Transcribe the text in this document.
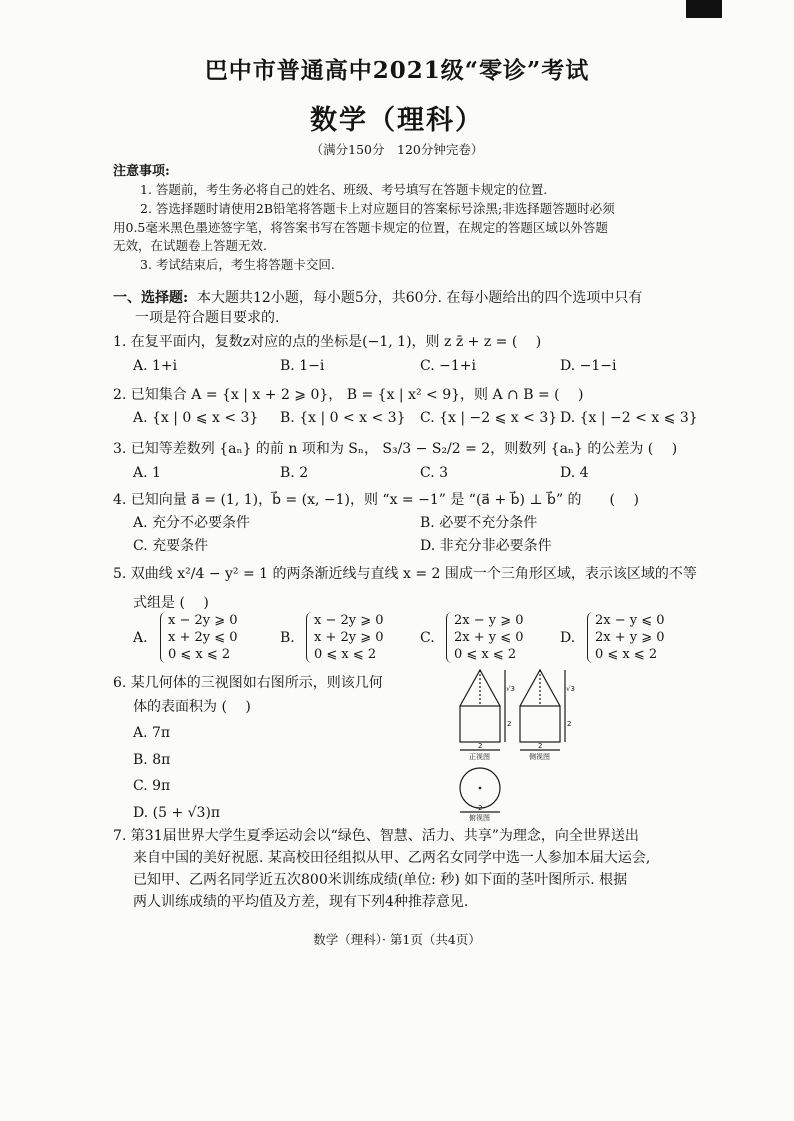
巴中市普通高中2021级“零诊”考试
数学（理科）
（满分150分　120分钟完卷）
注意事项:
1. 答题前，考生务必将自己的姓名、班级、考号填写在答题卡规定的位置.
2. 答选择题时请使用2B铅笔将答题卡上对应题目的答案标号涂黑;非选择题答题时必须
用0.5毫米黑色墨迹签字笔，将答案书写在答题卡规定的位置，在规定的答题区域以外答题
无效，在试题卷上答题无效.
3. 考试结束后，考生将答题卡交回.
一、选择题: 本大题共12小题，每小题5分，共60分. 在每小题给出的四个选项中只有
一项是符合题目要求的.
1. 在复平面内，复数z对应的点的坐标是(−1, 1)，则 z z̄ + z = (　 )
A. 1+i	B. 1−i	C. −1+i	D. −1−i
2. 已知集合 A = {x | x + 2 ⩾ 0}， B = {x | x² < 9}，则 A ∩ B = (　 )
A. {x | 0 ⩽ x < 3} B. {x | 0 < x < 3} C. {x | −2 ⩽ x < 3} D. {x | −2 < x ⩽ 3}
3. 已知等差数列 {aₙ} 的前 n 项和为 Sₙ， S₃/3 − S₂/2 = 2，则数列 {aₙ} 的公差为 (　 )
A. 1	B. 2	C. 3	D. 4
4. 已知向量 a⃗ = (1, 1)，b⃗ = (x, −1)，则 “x = −1” 是 “(a⃗ + b⃗) ⊥ b⃗” 的　　(　 )
A. 充分不必要条件	B. 必要不充分条件
C. 充要条件	D. 非充分非必要条件
5. 双曲线 x²/4 − y² = 1 的两条渐近线与直线 x = 2 围成一个三角形区域，表示该区域的不等
式组是 (　 )
A.
x − 2y ⩾ 0
x + 2y ⩽ 0
0 ⩽ x ⩽ 2
B.
x − 2y ⩾ 0
x + 2y ⩾ 0
0 ⩽ x ⩽ 2
C.
2x − y ⩾ 0
2x + y ⩽ 0
0 ⩽ x ⩽ 2
D.
2x − y ⩽ 0
2x + y ⩾ 0
0 ⩽ x ⩽ 2
6. 某几何体的三视图如右图所示，则该几何
体的表面积为 (　 )
A. 7π
B. 8π
C. 9π
D. (5 + √3)π
√3
2
√3
2
2	2
2
正视图	侧视图
俯视图
7. 第31届世界大学生夏季运动会以“绿色、智慧、活力、共享”为理念，向全世界送出
来自中国的美好祝愿. 某高校田径组拟从甲、乙两名女同学中选一人参加本届大运会,
已知甲、乙两名同学近五次800米训练成绩(单位: 秒) 如下面的茎叶图所示. 根据
两人训练成绩的平均值及方差，现有下列4种推荐意见.
数学（理科）· 第1页（共4页）
